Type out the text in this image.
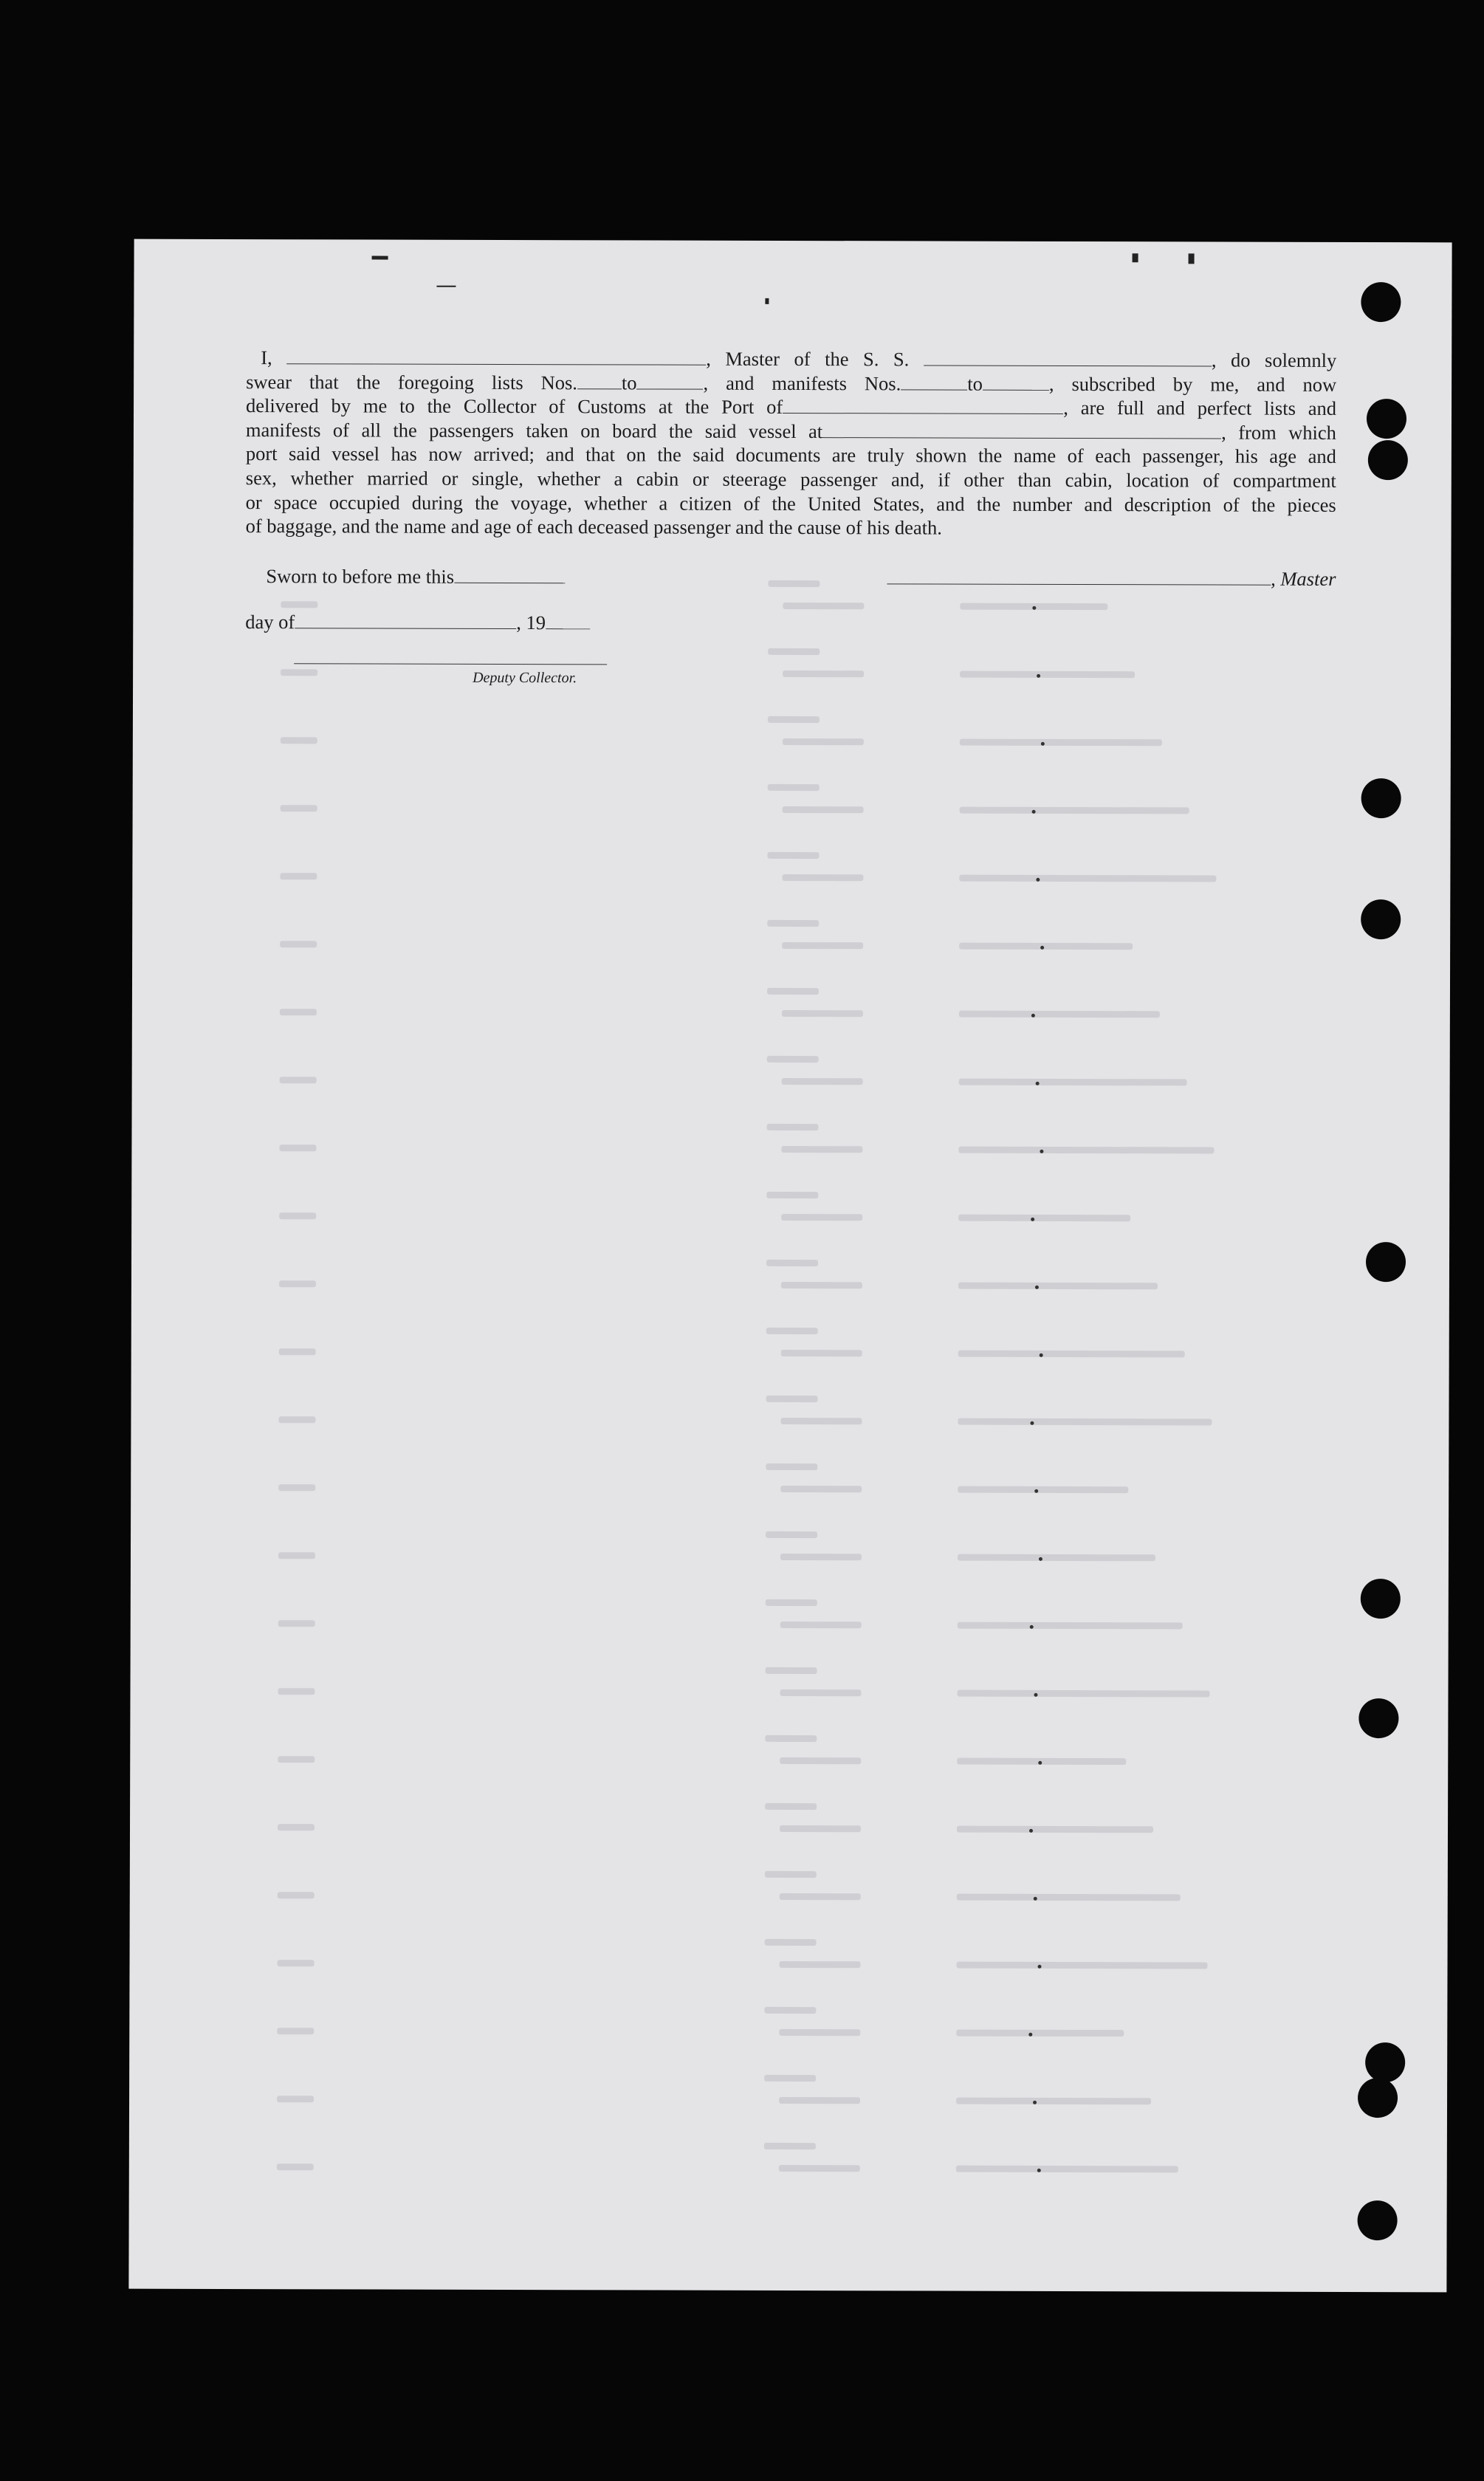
I,	, Master of the S. S.	, do solemnly
swear that the foregoing lists Nos. to	, and manifests Nos.	to	, subscribed by me, and now
delivered by me to the Collector of Customs at the Port of	, are full and perfect lists and
manifests of all the passengers taken on board the said vessel at	, from which
port said vessel has now arrived; and that on the said documents are truly shown the name of each passenger, his age and
sex, whether married or single, whether a cabin or steerage passenger and, if other than cabin, location of compartment
or space occupied during the voyage, whether a citizen of the United States, and the number and description of the pieces
of baggage, and the name and age of each deceased passenger and the cause of his death.
Sworn to before me this
day of	, 19
Deputy Collector.
, Master
